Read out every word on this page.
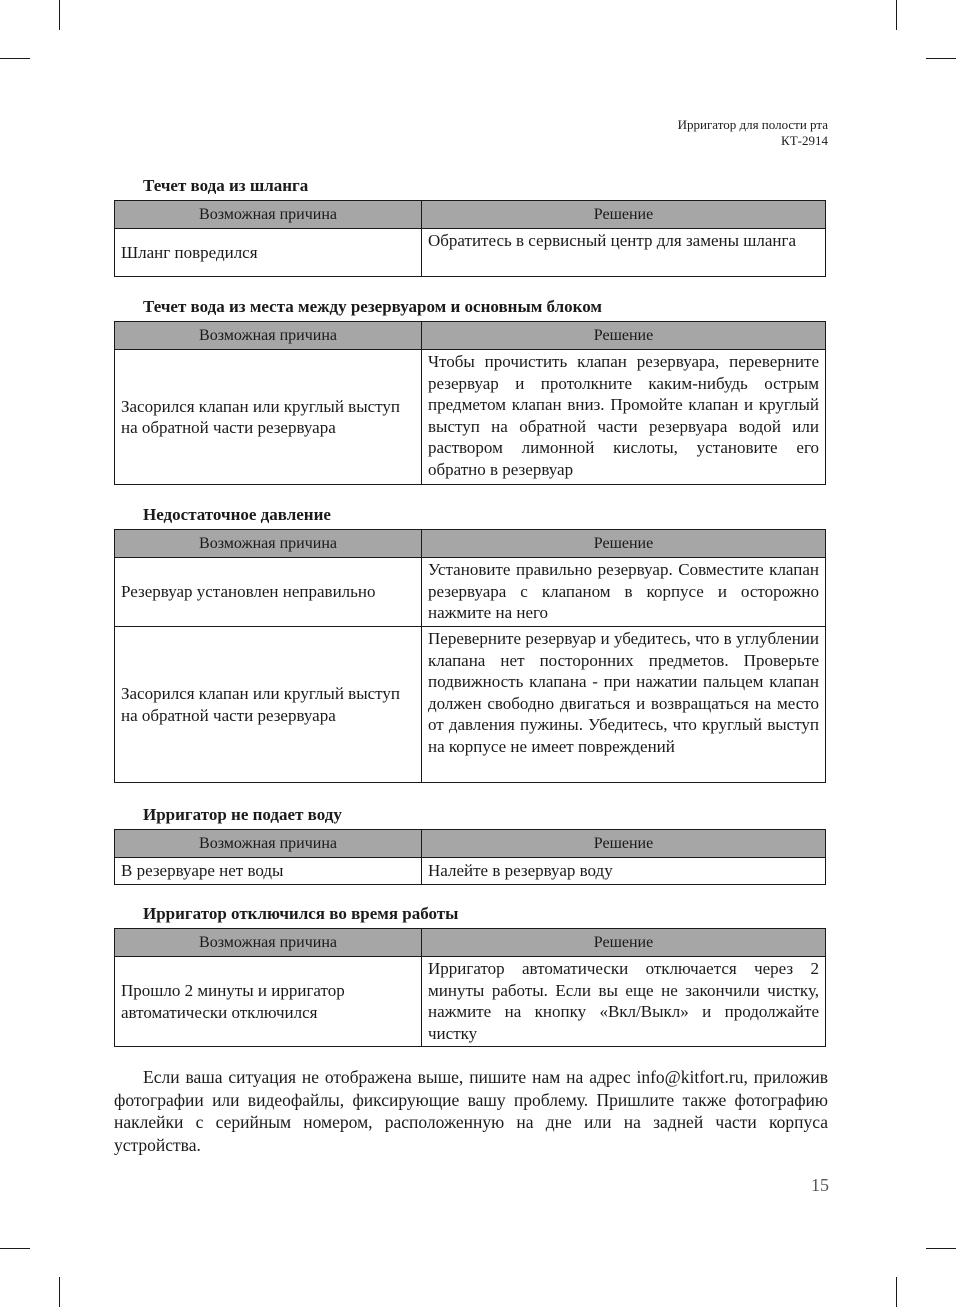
Ирригатор для полости рта
КТ-2914
Течет вода из шланга
Возможная причина	Решение
Шланг повредился	Обратитесь в сервисный центр для замены шланга
Течет вода из места между резервуаром и основным блоком
Возможная причина	Решение
Засорился клапан или круглый выступ на обратной части резервуара	Чтобы прочистить клапан резервуара, переверните резервуар и протолкните каким-нибудь острым предметом клапан вниз. Промойте клапан и круглый выступ на обратной части резервуара водой или раствором лимонной кислоты, установите его обратно в резервуар
Недостаточное давление
Возможная причина	Решение
Резервуар установлен неправильно	Установите правильно резервуар. Совместите клапан резервуара с клапаном в корпусе и осторожно нажмите на него
Засорился клапан или круглый выступ на обратной части резервуара	Переверните резервуар и убедитесь, что в углублении клапана нет посторонних предметов. Проверьте подвижность клапана - при нажатии пальцем клапан должен свободно двигаться и возвращаться на место от давления пужины. Убедитесь, что круглый выступ на корпусе не имеет повреждений
Ирригатор не подает воду
Возможная причина	Решение
В резервуаре нет воды	Налейте в резервуар воду
Ирригатор отключился во время работы
Возможная причина	Решение
Прошло 2 минуты и ирригатор автоматически отключился	Ирригатор автоматически отключается через 2 минуты работы. Если вы еще не закончили чистку, нажмите на кнопку «Вкл/Выкл» и продолжайте чистку
Если ваша ситуация не отображена выше, пишите нам на адрес info@kitfort.ru, приложив фотографии или видеофайлы, фиксирующие вашу проблему. Пришлите также фотографию наклейки с серийным номером, расположенную на дне или на задней части корпуса устройства.
15
